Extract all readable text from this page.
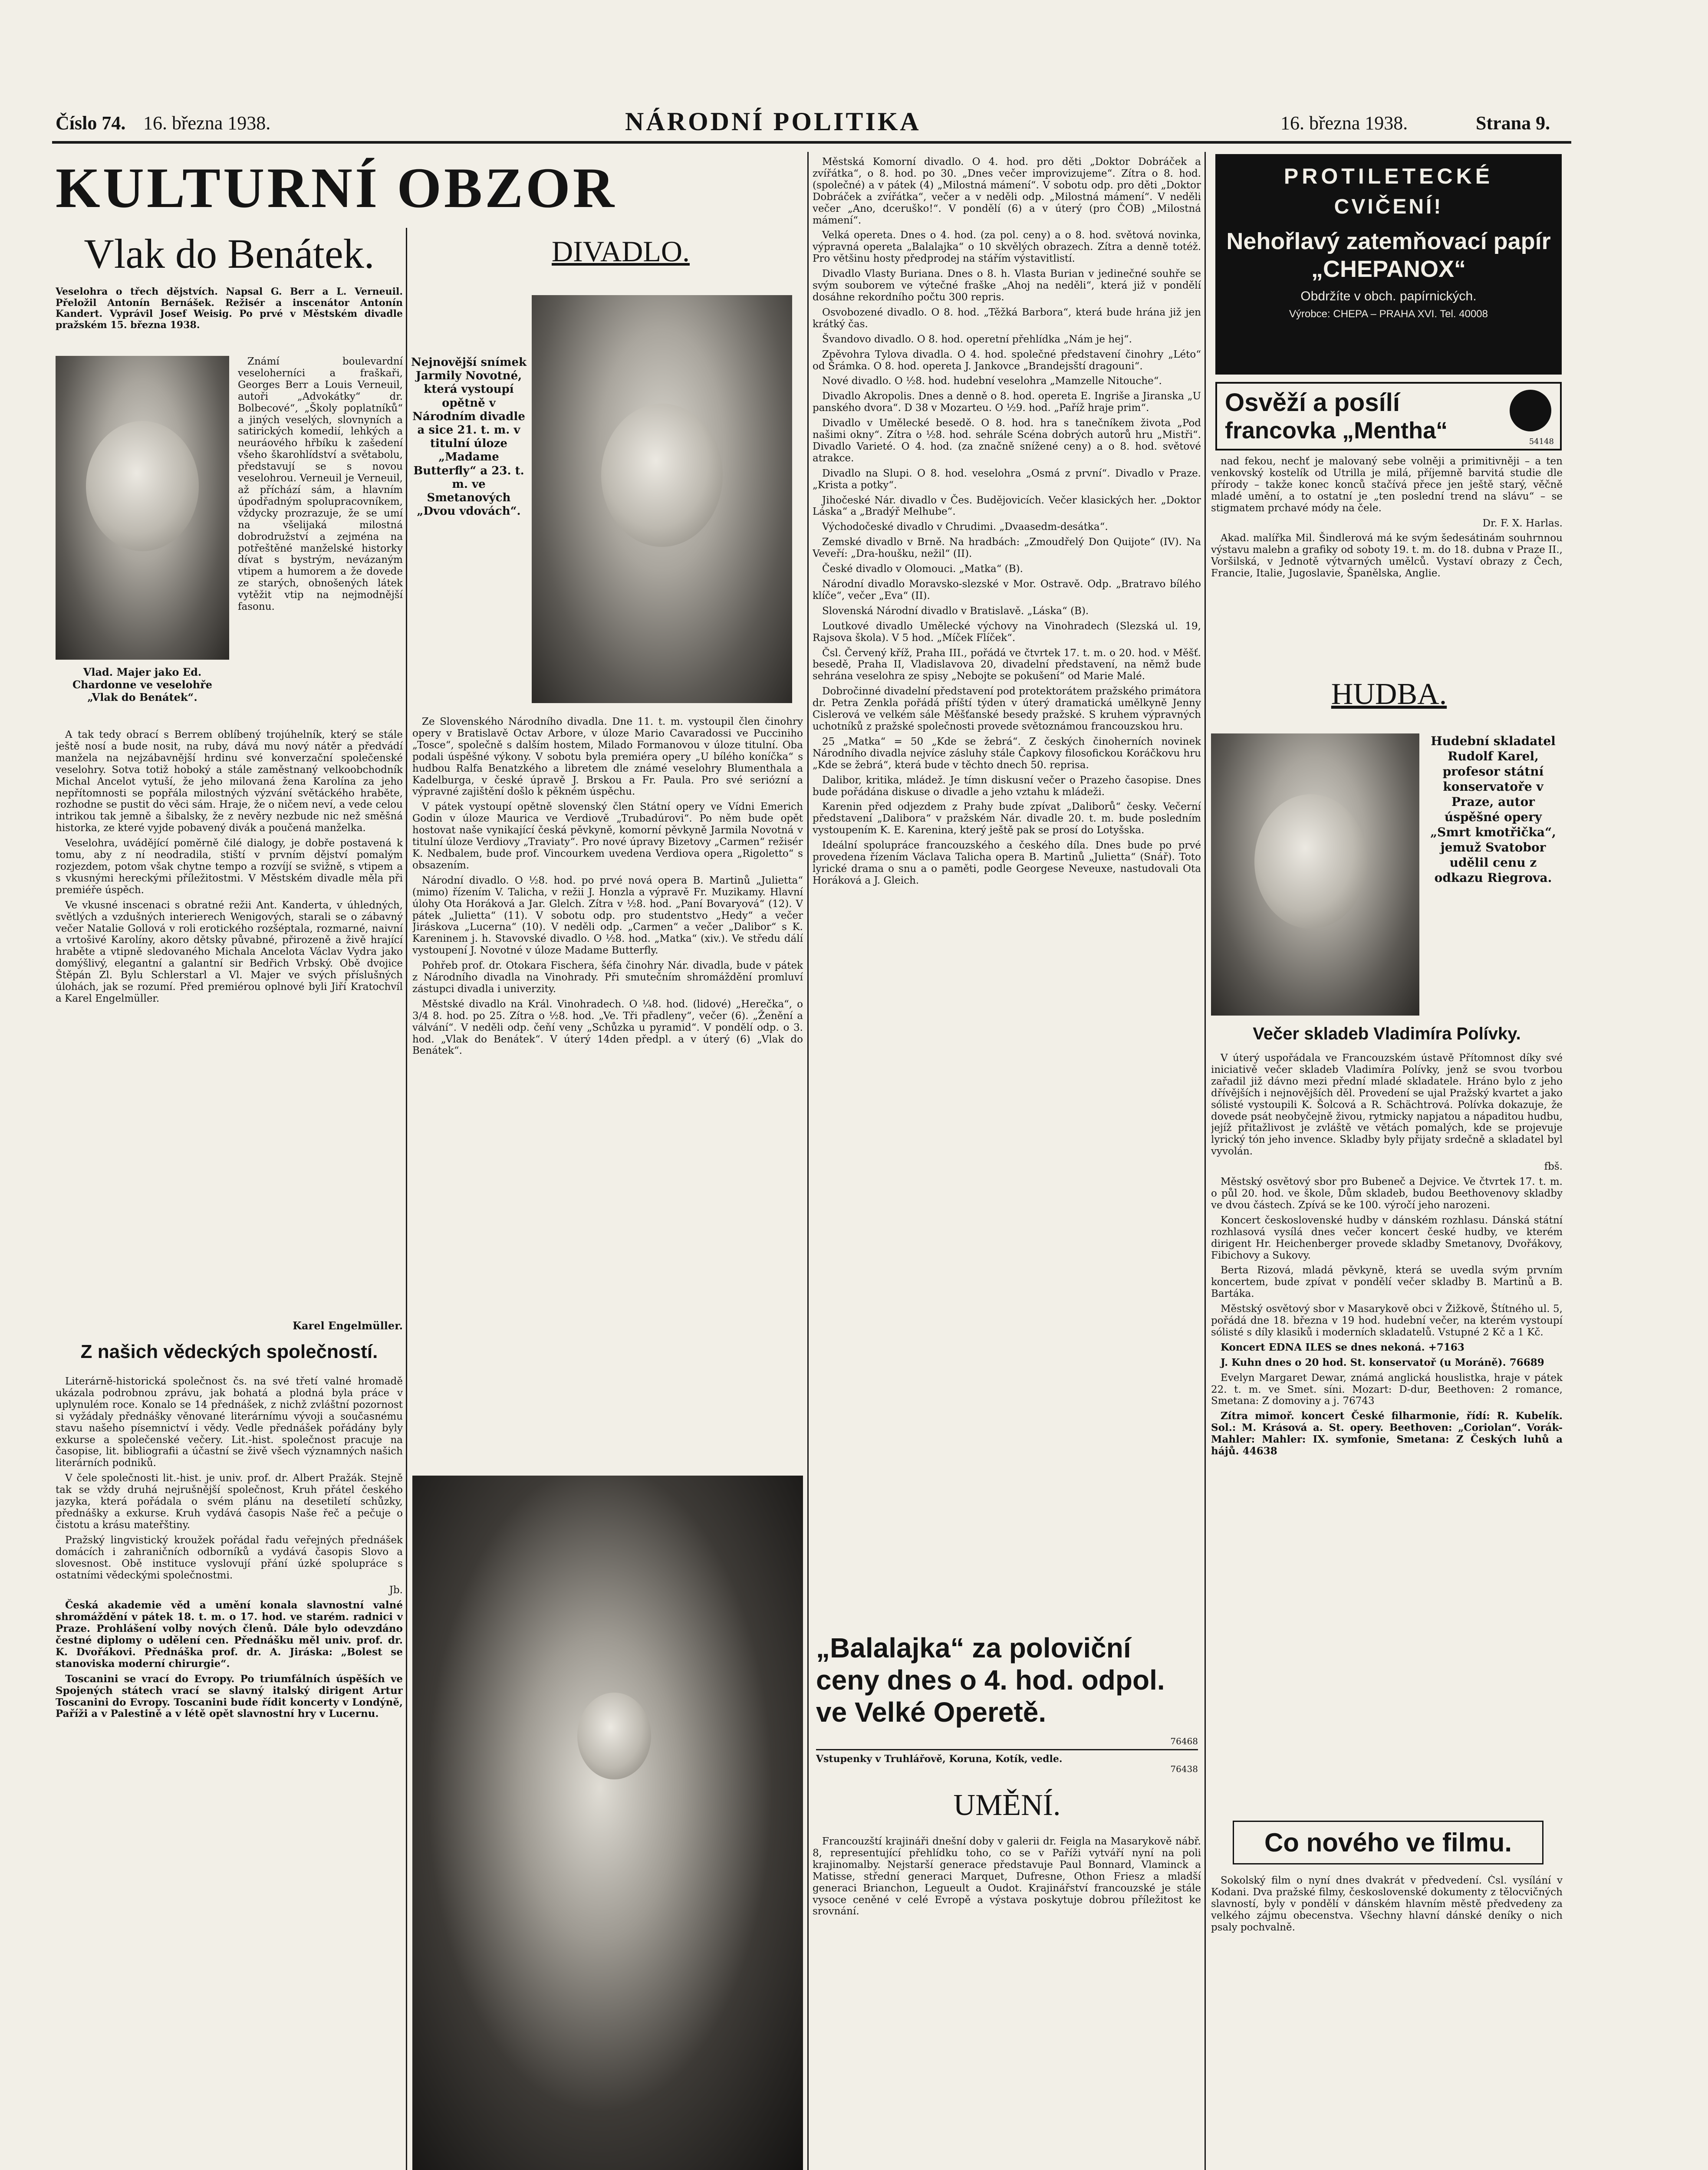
Číslo 74. 16. března 1938.	NÁRODNÍ POLITIKA	16. března 1938.	Strana 9.
KULTURNÍ OBZOR
Vlak do Benátek.
Veselohra o třech dějstvích. Napsal G. Berr a L. Verneuil. Přeložil Antonín Bernášek. Režisér a inscenátor Antonín Kandert. Vyprávil Josef Weisig. Po prvé v Městském divadle pražském 15. března 1938.
Vlad. Majer jako Ed. Chardonne ve veselohře „Vlak do Benátek“.

Známí boulevardní veseloherníci a fraškaři, Georges Berr a Louis Verneuil, autoři „Advokátky“ dr. Bolbecové“, „Školy poplatníků“ a jiných veselých, slovnyních a satirických komedií, lehkých a neuráového hřbíku k zašedení všeho škarohlídství a světabolu, představují se s novou veselohrou. Verneuil je Verneuil, až příchází sám, a hlavním úpodřadným spolupracovníkem, vždycky prozrazuje, že se umí na všelijaká milostná dobrodružství a zejména na potřeštěné manželské historky dívat s bystrým, nevázaným vtipem a humorem a že dovede ze starých, obnošených látek vytěžit vtip na nejmodnější fasonu.

A tak tedy obrací s Berrem oblíbený trojúhelník, který se stále ještě nosí a bude nosit, na ruby, dává mu nový nátěr a předvádí manžela na nejzábavnější hrdinu své konverzační společenské veselohry. Sotva totiž hoboký a stále zaměstnaný velkoobchodník Michal Ancelot vytuší, že jeho milovaná žena Karolína za jeho nepřítomnosti se popřála milostných výzvání světáckého hraběte, rozhodne se pustit do věci sám. Hraje, že o ničem neví, a vede celou intrikou tak jemně a šibalsky, že z nevěry nezbude nic než směšná historka, ze které vyjde pobavený divák a poučená manželka.

Veselohra, uvádějící poměrně čilé dialogy, je dobře postavená k tomu, aby z ní neodradila, stiští v prvním dějství pomalým rozjezdem, potom však chytne tempo a rozvíjí se svižně, s vtipem a s vkusnými hereckými příležitostmi. V Městském divadle měla při premiéře úspěch.

Ve vkusné inscenaci s obratné režii Ant. Kanderta, v úhledných, světlých a vzdušných interierech Wenigových, starali se o zábavný večer Natalie Gollová v roli erotického rozšéptala, rozmarné, naivní a vrtošivé Karolíny, akoro dětsky půvabné, přirozeně a živě hrající hraběte a vtipně sledovaného Michala Ancelota Václav Vydra jako domýšlivý, elegantní a galantní sir Bedřich Vrbský. Obě dvojice Štěpán Zl. Bylu Schlerstarl a Vl. Majer ve svých příslušných úlohách, jak se rozumí. Před premiérou oplnové byli Jiří Kratochvíl a Karel Engelmüller.

Karel Engelmüller.
Z našich vědeckých společností.

Literárně-historická společnost čs. na své třetí valné hromadě ukázala podrobnou zprávu, jak bohatá a plodná byla práce v uplynulém roce. Konalo se 14 přednášek, z nichž zvláštní pozornost si vyžádaly přednášky věnované literárnímu vývoji a současnému stavu našeho písemnictví i vědy. Vedle přednášek pořádány byly exkurse a společenské večery. Lit.-hist. společnost pracuje na časopise, lit. bibliografii a účastní se živě všech významných našich literárních podniků.

V čele společnosti lit.-hist. je univ. prof. dr. Albert Pražák. Stejně tak se vždy druhá nejrušnější společnost, Kruh přátel českého jazyka, která pořádala o svém plánu na desetiletí schůzky, přednášky a exkurse. Kruh vydává časopis Naše řeč a pečuje o čistotu a krásu mateřštiny.

Pražský lingvistický kroužek pořádal řadu veřejných přednášek domácích i zahraničních odborníků a vydává časopis Slovo a slovesnost. Obě instituce vyslovují přání úzké spolupráce s ostatními vědeckými společnostmi.

Jb.

Česká akademie věd a umění konala slavnostní valné shromáždění v pátek 18. t. m. o 17. hod. ve starém. radnici v Praze. Prohlášení volby nových členů. Dále bylo odevzdáno čestné diplomy o udělení cen. Přednášku měl univ. prof. dr. K. Dvořákovi. Přednáška prof. dr. A. Jiráska: „Bolest se stanoviska moderní chirurgie“.

Toscanini se vrací do Evropy. Po triumfálních úspěších ve Spojených státech vrací se slavný italský dirigent Artur Toscanini do Evropy. Toscanini bude řídit koncerty v Londýně, Paříži a v Palestině a v létě opět slavnostní hry v Lucernu.

DIVADLO.
Nejnovější snímek Jarmily Novotné, která vystoupí opětně v Národním divadle a sice 21. t. m. v titulní úloze „Madame Butterfly“ a 23. t. m. ve Smetanových „Dvou vdovách“.

Ze Slovenského Národního divadla. Dne 11. t. m. vystoupil člen činohry opery v Bratislavě Octav Arbore, v úloze Mario Cavaradossi ve Pucciniho „Tosce“, společně s dalším hostem, Milado Formanovou v úloze titulní. Oba podali úspěšné výkony. V sobotu byla premiéra opery „U bílého koníčka“ s hudbou Ralfa Benatzkého a libretem dle známé veselohry Blumenthala a Kadelburga, v české úpravě J. Brskou a Fr. Paula. Pro své seriózní a výpravné zajištění došlo k pěkném úspěchu.

V pátek vystoupí opětně slovenský člen Státní opery ve Vídni Emerich Godin v úloze Maurica ve Verdiově „Trubadúrovi“. Po něm bude opět hostovat naše vynikající česká pěvkyně, komorní pěvkyně Jarmila Novotná v titulní úloze Verdiovy „Traviaty“. Pro nové úpravy Bizetovy „Carmen“ režisér K. Nedbalem, bude prof. Vincourkem uvedena Verdiova opera „Rigoletto“ s obsazením.

Národní divadlo. O ½8. hod. po prvé nová opera B. Martinů „Julietta“ (mimo) řízením V. Talicha, v režii J. Honzla a výpravě Fr. Muzikamy. Hlavní úlohy Ota Horáková a Jar. Glelch. Zítra v ½8. hod. „Paní Bovaryová“ (12). V pátek „Julietta“ (11). V sobotu odp. pro studentstvo „Hedy“ a večer Jiráskova „Lucerna“ (10). V neděli odp. „Carmen“ a večer „Dalibor“ s K. Kareninem j. h. Stavovské divadlo. O ½8. hod. „Matka“ (xiv.). Ve středu dálí vystoupení J. Novotné v úloze Madame Butterfly.

Pohřeb prof. dr. Otokara Fischera, šéfa činohry Nár. divadla, bude v pátek z Národního divadla na Vinohrady. Při smutečním shromáždění promluví zástupci divadla i univerzity.

Městské divadlo na Král. Vinohradech. O ¼8. hod. (lidové) „Herečka“, o 3/4 8. hod. po 25. Zítra o ½8. hod. „Ve. Tři přadleny“, večer (6). „Ženění a válvání“. V neděli odp. čeňí veny „Schůzka u pyramid“. V pondělí odp. o 3. hod. „Vlak do Benátek“. V úterý 14den předpl. a v úterý (6) „Vlak do Benátek“.

Městská Komorní divadlo. O 4. hod. pro děti „Doktor Dobráček a zvířátka“, o 8. hod. po 30. „Dnes večer improvizujeme“. Zítra o 8. hod. (společné) a v pátek (4) „Milostná mámení“. V sobotu odp. pro děti „Doktor Dobráček a zvířátka“, večer a v neděli odp. „Milostná mámení“. V neděli večer „Ano, dceruško!“. V pondělí (6) a v úterý (pro ČOB) „Milostná mámení“.

Velká opereta. Dnes o 4. hod. (za pol. ceny) a o 8. hod. světová novinka, výpravná opereta „Balalajka“ o 10 skvělých obrazech. Zítra a denně totéž. Pro většinu hosty předprodej na stářím výstavitlistí.

Divadlo Vlasty Buriana. Dnes o 8. h. Vlasta Burian v jedinečné souhře se svým souborem ve výtečné fraške „Ahoj na neděli“, která již v pondělí dosáhne rekordního počtu 300 repris.

Osvobozené divadlo. O 8. hod. „Těžká Barbora“, která bude hrána již jen krátký čas.

Švandovo divadlo. O 8. hod. operetní přehlídka „Nám je hej“.

Zpěvohra Tylova divadla. O 4. hod. společné představení činohry „Léto“ od Šrámka. O 8. hod. opereta J. Jankovce „Brandejsští dragouni“.

Nové divadlo. O ½8. hod. hudební veselohra „Mamzelle Nitouche“.

Divadlo Akropolis. Dnes a denně o 8. hod. opereta E. Ingriše a Jiranska „U panského dvora“. D 38 v Mozarteu. O ½9. hod. „Paříž hraje prim“.

Divadlo v Umělecké besedě. O 8. hod. hra s tanečníkem života „Pod našimi okny“. Zítra o ½8. hod. sehrále Scéna dobrých autorů hru „Mistři“. Divadlo Varieté. O 4. hod. (za značně snížené ceny) a o 8. hod. světové atrakce.

Divadlo na Slupi. O 8. hod. veselohra „Osmá z první“. Divadlo v Praze. „Krista a potky“.

Jihočeské Nár. divadlo v Čes. Budějovicích. Večer klasických her. „Doktor Láska“ a „Bradýř Melhube“.

Východočeské divadlo v Chrudimi. „Dvaasedm-desátka“.

Zemské divadlo v Brně. Na hradbách: „Zmoudřelý Don Quijote“ (IV). Na Veveří: „Dra-houšku, nežil“ (II).

České divadlo v Olomouci. „Matka“ (B).

Národní divadlo Moravsko-slezské v Mor. Ostravě. Odp. „Bratravo bílého klíče“, večer „Eva“ (II).

Slovenská Národní divadlo v Bratislavě. „Láska“ (B).

Loutkové divadlo Umělecké výchovy na Vinohradech (Slezská ul. 19, Rajsova škola). V 5 hod. „Míček Flíček“.

Čsl. Červený kříž, Praha III., pořádá ve čtvrtek 17. t. m. o 20. hod. v Měšť. besedě, Praha II, Vladislavova 20, divadelní představení, na němž bude sehrána veselohra ze spisy „Nebojte se pokušení“ od Marie Malé.

Dobročinné divadelní představení pod protektorátem pražského primátora dr. Petra Zenkla pořádá příští týden v úterý dramatická umělkyně Jenny Cislerová ve velkém sále Měšťanské besedy pražské. S kruhem výpravných uchotníků z pražské společnosti provede světoznámou francouzskou hru.

25 „Matka“ = 50 „Kde se žebrá“. Z českých činoherních novinek Národního divadla nejvíce zásluhy stále Čapkovy filosofickou Koráčkovu hru „Kde se žebrá“, která bude v těchto dnech 50. reprisa.

Dalibor, kritika, mládež. Je tímn diskusní večer o Prazeho časopise. Dnes bude pořádána diskuse o divadle a jeho vztahu k mládeži.

Karenin před odjezdem z Prahy bude zpívat „Daliborů“ česky. Večerní představení „Dalibora“ v pražském Nár. divadle 20. t. m. bude posledním vystoupením K. E. Karenina, který ještě pak se prosí do Lotyšska.

Ideální spolupráce francouzského a českého díla. Dnes bude po prvé provedena řízením Václava Talicha opera B. Martinů „Julietta“ (Snář). Toto lyrické drama o snu a o paměti, podle Georgese Neveuxe, nastudovali Ota Horáková a J. Gleich.

„Balalajka“ za poloviční ceny dnes o 4. hod. odpol. ve Velké Operetě.
76468
Vstupenky v Truhlářově, Koruna, Kotík, vedle.
76438
UMĚNÍ.

Francouzští krajináři dnešní doby v galerii dr. Feigla na Masarykově nábř. 8, representující přehlídku toho, co se v Paříži vytváří nyní na poli krajinomalby. Nejstarší generace představuje Paul Bonnard, Vlaminck a Matisse, střední generaci Marquet, Dufresne, Othon Friesz a mladší generaci Brianchon, Legueult a Oudot. Krajinářství francouzské je stále vysoce ceněné v celé Evropě a výstava poskytuje dobrou příležitost ke srovnání.

PROTILETECKÉ
CVIČENÍ!
Nehořlavý zatemňovací papír „CHEPANOX“
Obdržíte v obch. papírnických.
Výrobce: CHEPA – PRAHA XVI. Tel. 40008
Osvěží a posílí
francovka „Mentha“	54148

nad fekou, nechť je malovaný sebe volněji a primitivněji – a ten venkovský kostelík od Utrilla je milá, příjemně barvitá studie dle přírody – takže konec konců stačívá přece jen ještě starý, věčně mladé umění, a to ostatní je „ten poslední trend na slávu“ – se stigmatem prchavé módy na čele.

Dr. F. X. Harlas.

Akad. malířka Mil. Šindlerová má ke svým šedesátinám souhrnnou výstavu malebn a grafiky od soboty 19. t. m. do 18. dubna v Praze II., Voršilská, v Jednotě výtvarných umělců. Vystaví obrazy z Čech, Francie, Italie, Jugoslavie, Španělska, Anglie.

HUDBA.
Hudební skladatel Rudolf Karel, profesor státní konservatoře v Praze, autor úspěšné opery „Smrt kmotřička“, jemuž Svatobor udělil cenu z odkazu Riegrova.
Večer skladeb Vladimíra Polívky.

V úterý uspořádala ve Francouzském ústavě Přítomnost díky své iniciativě večer skladeb Vladimíra Polívky, jenž se svou tvorbou zařadil již dávno mezi přední mladé skladatele. Hráno bylo z jeho dřívějších i nejnovějších děl. Provedení se ujal Pražský kvartet a jako sólisté vystoupili K. Šolcová a R. Schächtrová. Polívka dokazuje, že dovede psát neobyčejně živou, rytmicky napjatou a nápaditou hudbu, jejíž přitažlivost je zvláště ve větách pomalých, kde se projevuje lyrický tón jeho invence. Skladby byly přijaty srdečně a skladatel byl vyvolán.

fbš.

Městský osvětový sbor pro Bubeneč a Dejvice. Ve čtvrtek 17. t. m. o půl 20. hod. ve škole, Dům skladeb, budou Beethovenovy skladby ve dvou částech. Zpívá se ke 100. výročí jeho narozeni.

Koncert československé hudby v dánském rozhlasu. Dánská státní rozhlasová vysílá dnes večer koncert české hudby, ve kterém dirigent Hr. Heichenberger provede skladby Smetanovy, Dvořákovy, Fibichovy a Sukovy.

Berta Rizová, mladá pěvkyně, která se uvedla svým prvním koncertem, bude zpívat v pondělí večer skladby B. Martinů a B. Bartáka.

Městský osvětový sbor v Masarykově obci v Žižkově, Štítného ul. 5, pořádá dne 18. března v 19 hod. hudební večer, na kterém vystoupí sólisté s díly klasiků i moderních skladatelů. Vstupné 2 Kč a 1 Kč.

Koncert EDNA ILES se dnes nekoná. +7163

J. Kuhn dnes o 20 hod. St. konservatoř (u Moráně). 76689

Evelyn Margaret Dewar, známá anglická houslistka, hraje v pátek 22. t. m. ve Smet. síni. Mozart: D-dur, Beethoven: 2 romance, Smetana: Z domoviny a j. 76743

Zítra mimoř. koncert České filharmonie, řídí: R. Kubelík. Sol.: M. Krásová a. St. opery. Beethoven: „Coriolan“. Vorák-Mahler: Mahler: IX. symfonie, Smetana: Z Českých luhů a hájů. 44638

Co nového ve filmu.

Sokolský film o nyní dnes dvakrát v předvedení. Čsl. vysílání v Kodani. Dva pražské filmy, československé dokumenty z tělocvičných slavností, byly v pondělí v dánském hlavním městě předvedeny za velkého zájmu obecenstva. Všechny hlavní dánské deníky o nich psaly pochvalně.
